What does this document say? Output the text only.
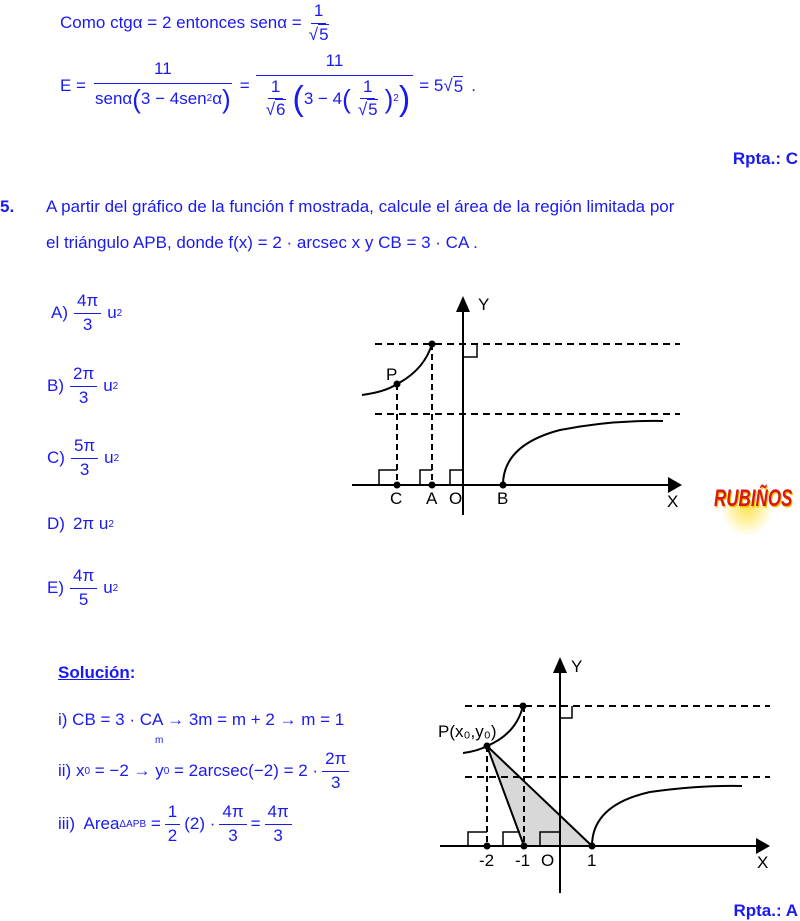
Como ctgα = 2 entonces $sen\alpha = \frac{1}{√5}$
$E = \frac{11}{\text{senα ( 3 − 4sen 2 α )}}$ =
11
$\frac{1}{√6}$ ( 3 − 4 ( $\frac{1}{√5}$ ) 2 ) = 5 √ 5 .
Rpta.: C
5. A partir del gráfico de la función f mostrada, calcule el área de la región limitada por
el triángulo APB, donde f(x) = 2 · arcsec x y CB = 3 · CA .
$A) \frac{4\pi}{3}$ u 2
$B) \frac{2\pi}{3}$ u 2
$C) \frac{5\pi}{3}$ u 2
D) 2π u 2
$E) \frac{4\pi}{5}$ u 2
Y
X
P
C A O B
Y
X
P(x₀,y₀)
-2 -1 O 1
RUBIÑOS
Solución:
i) CB = 3 · CA → 3m = m + 2 → m = 1
m
ii) x 0 = −2 → y $0 = 2arcsec(-2) = 2 \cdot \frac{2\pi}{3}$
iii)  Area $\Delta APB = \frac{1}{2} (2) \cdot \frac{4\pi}{3} = \frac{4\pi}{3}$
Rpta.: A
